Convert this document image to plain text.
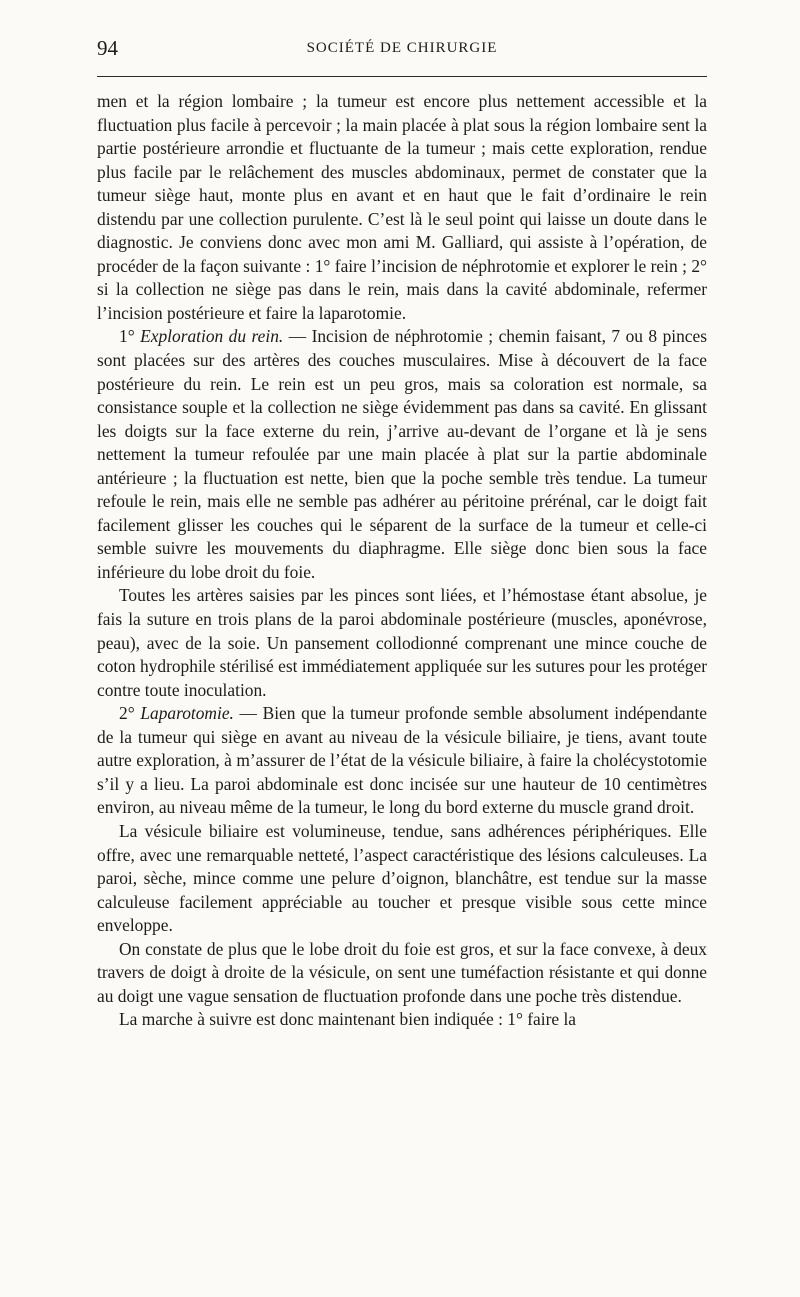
94	SOCIÉTÉ DE CHIRURGIE

men et la région lombaire ; la tumeur est encore plus nettement accessible et la fluctuation plus facile à percevoir ; la main placée à plat sous la région lombaire sent la partie postérieure arrondie et fluctuante de la tumeur ; mais cette exploration, rendue plus facile par le relâchement des muscles abdominaux, permet de constater que la tumeur siège haut, monte plus en avant et en haut que le fait d’ordinaire le rein distendu par une collection purulente. C’est là le seul point qui laisse un doute dans le diagnostic. Je conviens donc avec mon ami M. Galliard, qui assiste à l’opération, de procéder de la façon suivante : 1° faire l’incision de néphrotomie et explorer le rein ; 2° si la collection ne siège pas dans le rein, mais dans la cavité abdominale, refermer l’incision postérieure et faire la laparotomie.

1° Exploration du rein. — Incision de néphrotomie ; chemin faisant, 7 ou 8 pinces sont placées sur des artères des couches musculaires. Mise à découvert de la face postérieure du rein. Le rein est un peu gros, mais sa coloration est normale, sa consistance souple et la collection ne siège évidemment pas dans sa cavité. En glissant les doigts sur la face externe du rein, j’arrive au-devant de l’organe et là je sens nettement la tumeur refoulée par une main placée à plat sur la partie abdominale antérieure ; la fluctuation est nette, bien que la poche semble très tendue. La tumeur refoule le rein, mais elle ne semble pas adhérer au péritoine prérénal, car le doigt fait facilement glisser les couches qui le séparent de la surface de la tumeur et celle-ci semble suivre les mouvements du diaphragme. Elle siège donc bien sous la face inférieure du lobe droit du foie.

Toutes les artères saisies par les pinces sont liées, et l’hémostase étant absolue, je fais la suture en trois plans de la paroi abdominale postérieure (muscles, aponévrose, peau), avec de la soie. Un pansement collodionné comprenant une mince couche de coton hydrophile stérilisé est immédiatement appliquée sur les sutures pour les protéger contre toute inoculation.

2° Laparotomie. — Bien que la tumeur profonde semble absolument indépendante de la tumeur qui siège en avant au niveau de la vésicule biliaire, je tiens, avant toute autre exploration, à m’assurer de l’état de la vésicule biliaire, à faire la cholécystotomie s’il y a lieu. La paroi abdominale est donc incisée sur une hauteur de 10 centimètres environ, au niveau même de la tumeur, le long du bord externe du muscle grand droit.

La vésicule biliaire est volumineuse, tendue, sans adhérences périphériques. Elle offre, avec une remarquable netteté, l’aspect caractéristique des lésions calculeuses. La paroi, sèche, mince comme une pelure d’oignon, blanchâtre, est tendue sur la masse calculeuse facilement appréciable au toucher et presque visible sous cette mince enveloppe.

On constate de plus que le lobe droit du foie est gros, et sur la face convexe, à deux travers de doigt à droite de la vésicule, on sent une tuméfaction résistante et qui donne au doigt une vague sensation de fluctuation profonde dans une poche très distendue.

La marche à suivre est donc maintenant bien indiquée : 1° faire la
